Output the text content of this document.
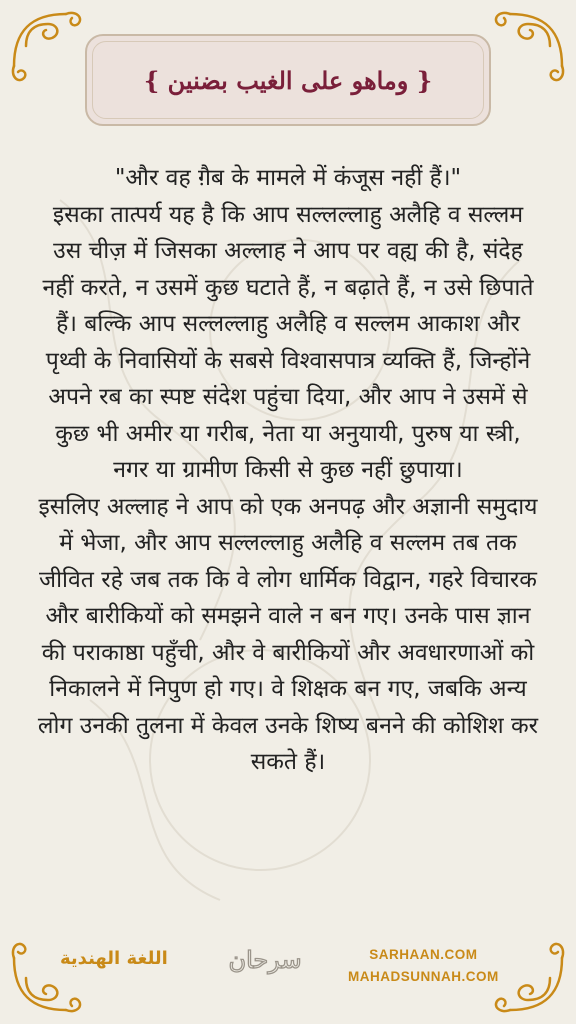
{ وماهو على الغيب بضنين }
"और वह ग़ैब के मामले में कंजूस नहीं हैं।"
इसका तात्पर्य यह है कि आप सल्लल्लाहु अलैहि व सल्लम उस चीज़ में जिसका अल्लाह ने आप पर वह्य की है, संदेह नहीं करते, न उसमें कुछ घटाते हैं, न बढ़ाते हैं, न उसे छिपाते हैं। बल्कि आप सल्लल्लाहु अलैहि व सल्लम आकाश और पृथ्वी के निवासियों के सबसे विश्वासपात्र व्यक्ति हैं, जिन्होंने अपने रब का स्पष्ट संदेश पहुंचा दिया, और आप ने उसमें से कुछ भी अमीर या गरीब, नेता या अनुयायी, पुरुष या स्त्री, नगर या ग्रामीण किसी से कुछ नहीं छुपाया।
इसलिए अल्लाह ने आप को एक अनपढ़ और अज्ञानी समुदाय में भेजा, और आप सल्लल्लाहु अलैहि व सल्लम तब तक जीवित रहे जब तक कि वे लोग धार्मिक विद्वान, गहरे विचारक और बारीकियों को समझने वाले न बन गए। उनके पास ज्ञान की पराकाष्ठा पहुँची, और वे बारीकियों और अवधारणाओं को निकालने में निपुण हो गए। वे शिक्षक बन गए, जबकि अन्य लोग उनकी तुलना में केवल उनके शिष्य बनने की कोशिश कर सकते हैं।
اللغة الهندية	سرحان	SARHAAN.COM
MAHADSUNNAH.COM
